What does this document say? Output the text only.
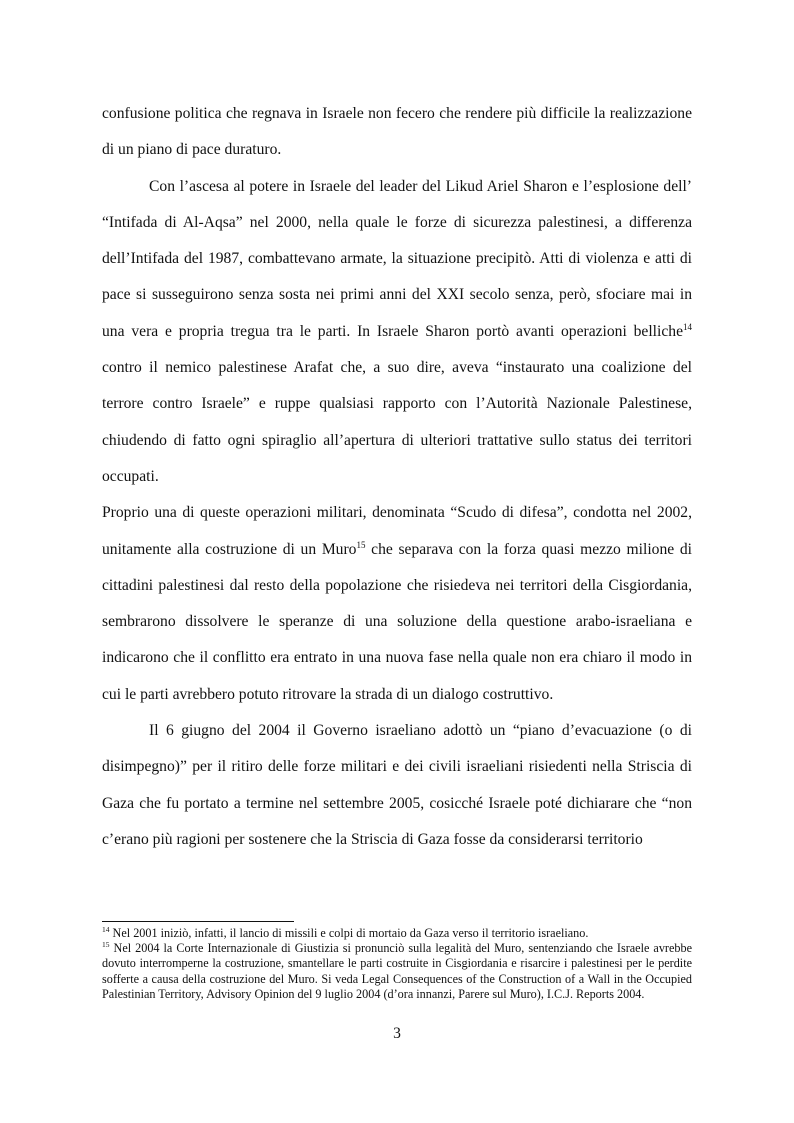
confusione politica che regnava in Israele non fecero che rendere più difficile la realizzazione di un piano di pace duraturo.

Con l’ascesa al potere in Israele del leader del Likud Ariel Sharon e l’esplosione dell’ “Intifada di Al-Aqsa” nel 2000, nella quale le forze di sicurezza palestinesi, a differenza dell’Intifada del 1987, combattevano armate, la situazione precipitò. Atti di violenza e atti di pace si susseguirono senza sosta nei primi anni del XXI secolo senza, però, sfociare mai in una vera e propria tregua tra le parti. In Israele Sharon portò avanti operazioni belliche$^{14}$ contro il nemico palestinese Arafat che, a suo dire, aveva “instaurato una coalizione del terrore contro Israele” e ruppe qualsiasi rapporto con l’Autorità Nazionale Palestinese, chiudendo di fatto ogni spiraglio all’apertura di ulteriori trattative sullo status dei territori occupati.

Proprio una di queste operazioni militari, denominata “Scudo di difesa”, condotta nel 2002, unitamente alla costruzione di un Muro$^{15}$ che separava con la forza quasi mezzo milione di cittadini palestinesi dal resto della popolazione che risiedeva nei territori della Cisgiordania, sembrarono dissolvere le speranze di una soluzione della questione arabo-israeliana e indicarono che il conflitto era entrato in una nuova fase nella quale non era chiaro il modo in cui le parti avrebbero potuto ritrovare la strada di un dialogo costruttivo.

Il 6 giugno del 2004 il Governo israeliano adottò un “piano d’evacuazione (o di disimpegno)” per il ritiro delle forze militari e dei civili israeliani risiedenti nella Striscia di Gaza che fu portato a termine nel settembre 2005, cosicché Israele poté dichiarare che “non c’erano più ragioni per sostenere che la Striscia di Gaza fosse da considerarsi territorio

$^{14}$ Nel 2001 iniziò, infatti, il lancio di missili e colpi di mortaio da Gaza verso il territorio israeliano.

$^{15}$ Nel 2004 la Corte Internazionale di Giustizia si pronunciò sulla legalità del Muro, sentenziando che Israele avrebbe dovuto interromperne la costruzione, smantellare le parti costruite in Cisgiordania e risarcire i palestinesi per le perdite sofferte a causa della costruzione del Muro. Si veda Legal Consequences of the Construction of a Wall in the Occupied Palestinian Territory, Advisory Opinion del 9 luglio 2004 (d’ora innanzi, Parere sul Muro), I.C.J. Reports 2004.

3
